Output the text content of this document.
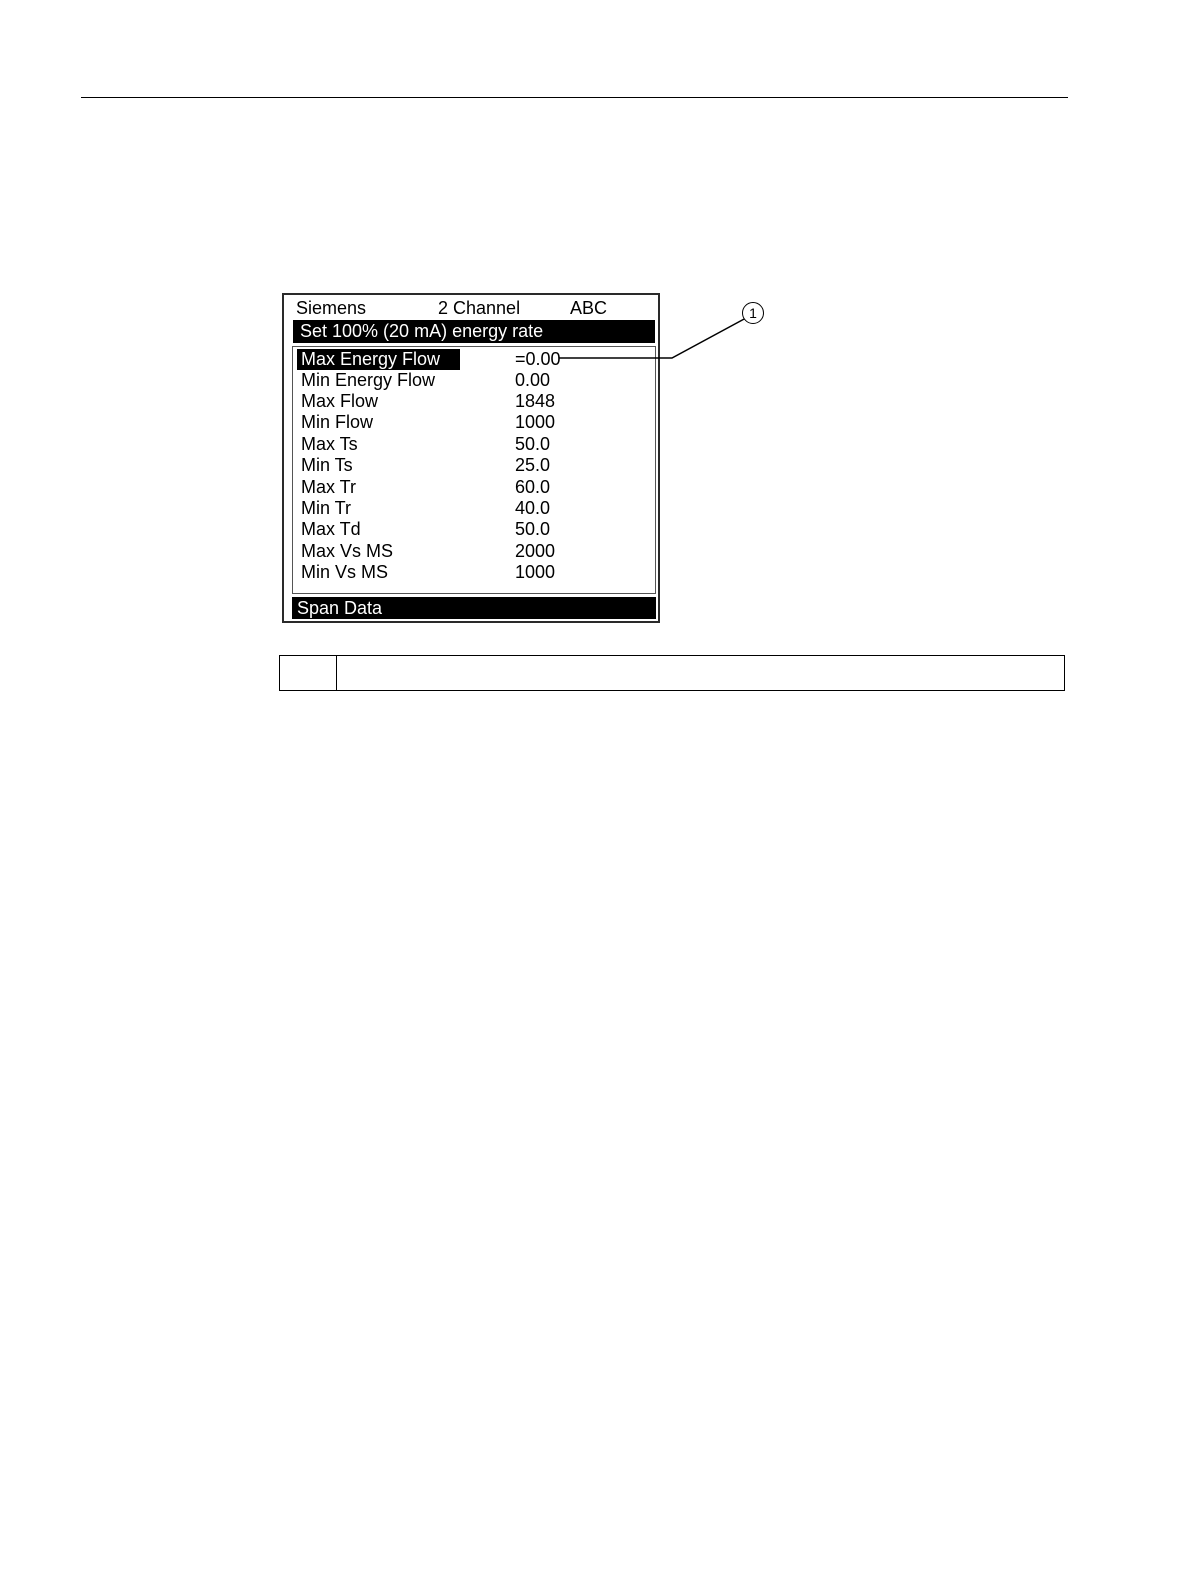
Siemens	2 Channel	ABC
Set 100% (20 mA) energy rate
Max Energy Flow	=0.00
Min Energy Flow	0.00
Max Flow	1848
Min Flow	1000
Max Ts	50.0
Min Ts	25.0
Max Tr	60.0
Min Tr	40.0
Max Td	50.0
Max Vs MS	2000
Min Vs MS	1000
Span Data
1
